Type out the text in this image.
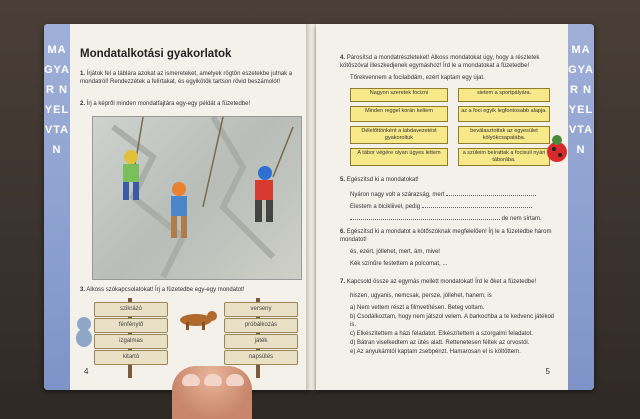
MAGYAR NYELVTAN
Mondatalkotási gyakorlatok
1. Írjátok fel a táblára azokat az ismereteket, amelyek rögtön eszetekbe jutnak a mondatról! Rendezzétek a felírtakat, és egyikötök tartson rövid beszámolót!
2. Írj a képről minden mondatfajtára egy-egy példát a füzetedbe!
3. Alkoss szókapcsolatokat! Írj a füzetedbe egy-egy mondatot!
szikrázó
fénfénylő
izgalmas
kitartó
verseny
próbálkozás
játék
napsütés
4
MAGYAR NYELVTAN
4. Párosítsd a mondatrészleteket! Alkoss mondatokat úgy, hogy a részletek kötőszóval illeszkedjenek egymáshoz! Írd le a mondatokat a füzetedbe!
Tőrekvennem a focilabdám, ezért kaptam egy újat.
Nagyon szeretek focizni
Minden reggel korán keltem
Délelőttönként a labdavezetést gyakoroltuk
A tábor végére olyan ügyes lettem
sietem a sportpályára.
az a foci egyik legfontosabb alapja.
beválasztottak az egyesület kölyökcsapatába.
a szüleim beírattak a focisuli nyári táborába.
5. Egészítsd ki a mondatokat!
Nyáron nagy volt a szárazság, mert
Elestem a bicikliivel, pedig
de nem sírtam.
6. Egészítsd ki a mondatot a kötőszóknak megfelelően! Írj le a füzetedbe három mondatot!
és, ezért, jóllehet, mert, ám, mivel
Kék színűre festettem a polcomat, ...
7. Kapcsold össze az egymás mellett mondatokat! Írd le őket a füzetedbe!
hiszen, ugyanis, nemcsak, persze, jóllehet, hanem, is
a) Nem vettem részt a filmvetítésen. Beteg voltam.
b) Csodálkoztam, hogy nem játszol velem. A barkochba a te kedvenc játékod is.
c) Elkészítettem a házi feladatot. Elkészítettem a szorgalmi feladatot.
d) Bátran viselkedtem az ütés alatt. Rettenetesen féltek az orvostól.
e) Az anyukámtól kaptam zsebpénzt. Hamarosan el is költöttem.
5
